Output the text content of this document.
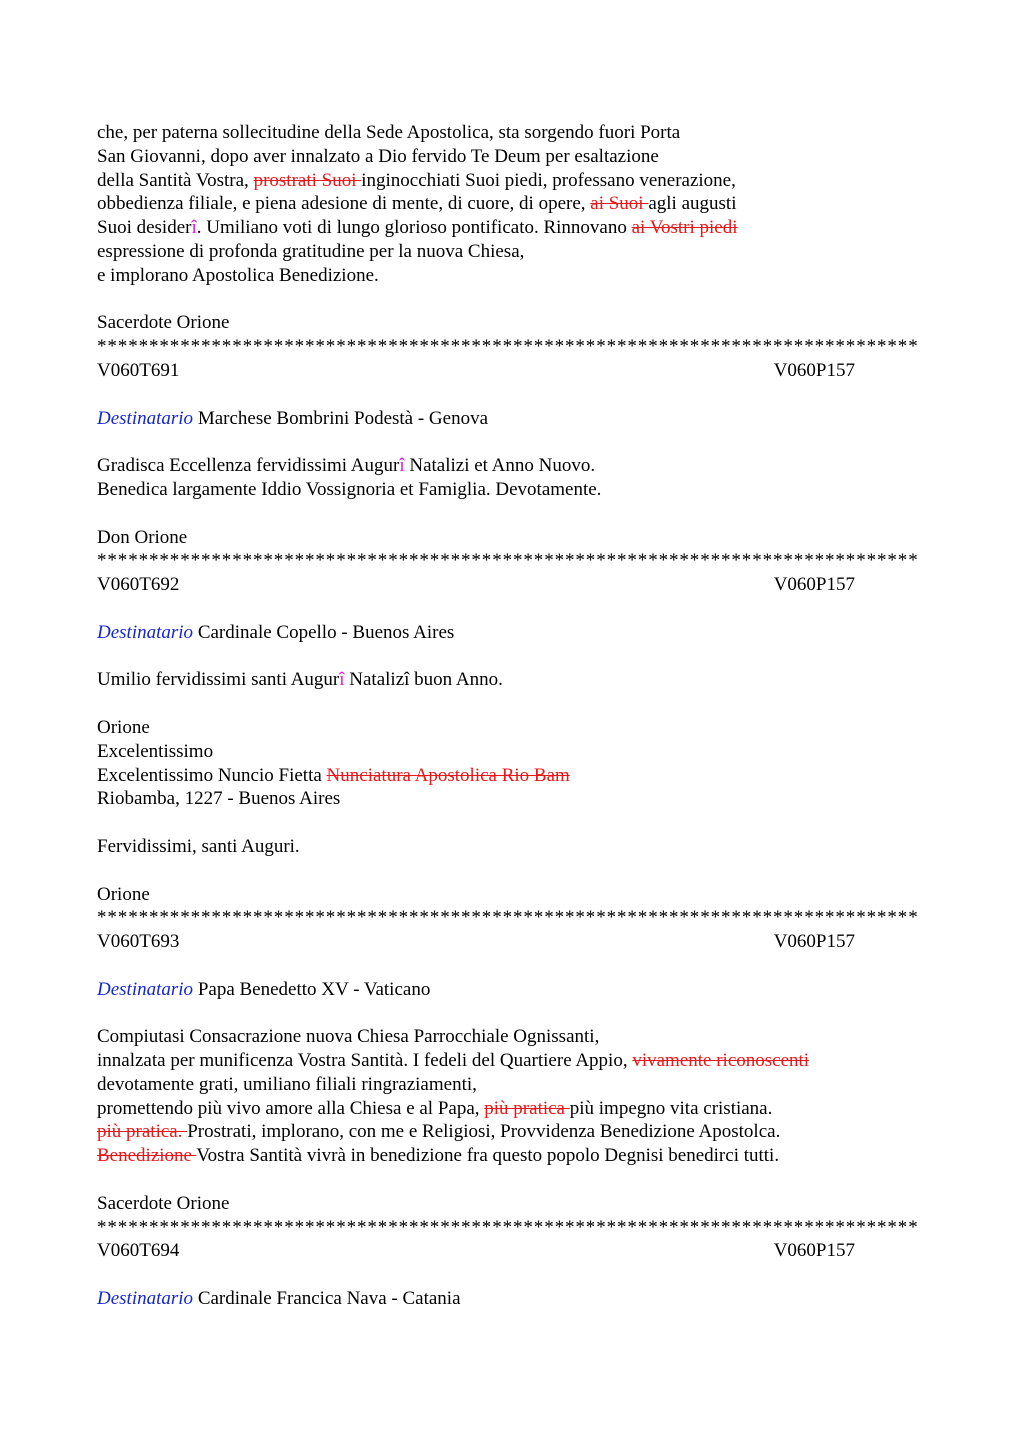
che, per paterna sollecitudine della Sede Apostolica, sta sorgendo fuori Porta
San Giovanni, dopo aver innalzato a Dio fervido Te Deum per esaltazione
della Santità Vostra, prostrati Suoi inginocchiati Suoi piedi, professano venerazione,
obbedienza filiale, e piena adesione di mente, di cuore, di opere, ai Suoi agli augusti
Suoi desiderî. Umiliano voti di lungo glorioso pontificato. Rinnovano ai Vostri piedi
espressione di profonda gratitudine per la nuova Chiesa,
e implorano Apostolica Benedizione.
Sacerdote Orione
*******************************************************************************
V060T691	V060P157
Destinatario Marchese Bombrini Podestà - Genova
Gradisca Eccellenza fervidissimi Augurî Natalizi et Anno Nuovo.
Benedica largamente Iddio Vossignoria et Famiglia. Devotamente.
Don Orione
*******************************************************************************
V060T692	V060P157
Destinatario Cardinale Copello - Buenos Aires
Umilio fervidissimi santi Augurî Natalizî buon Anno.
Orione
Excelentissimo
Excelentissimo Nuncio Fietta Nunciatura Apostolica Rio Bam
Riobamba, 1227 - Buenos Aires
Fervidissimi, santi Auguri.
Orione
*******************************************************************************
V060T693	V060P157
Destinatario Papa Benedetto XV - Vaticano
Compiutasi Consacrazione nuova Chiesa Parrocchiale Ognissanti,
innalzata per munificenza Vostra Santità. I fedeli del Quartiere Appio, vivamente riconoscenti
devotamente grati, umiliano filiali ringraziamenti,
promettendo più vivo amore alla Chiesa e al Papa, più pratica più impegno vita cristiana.
più pratica. Prostrati, implorano, con me e Religiosi, Provvidenza Benedizione Apostolca.
Benedizione Vostra Santità vivrà in benedizione fra questo popolo Degnisi benedirci tutti.
Sacerdote Orione
*******************************************************************************
V060T694	V060P157
Destinatario Cardinale Francica Nava - Catania
